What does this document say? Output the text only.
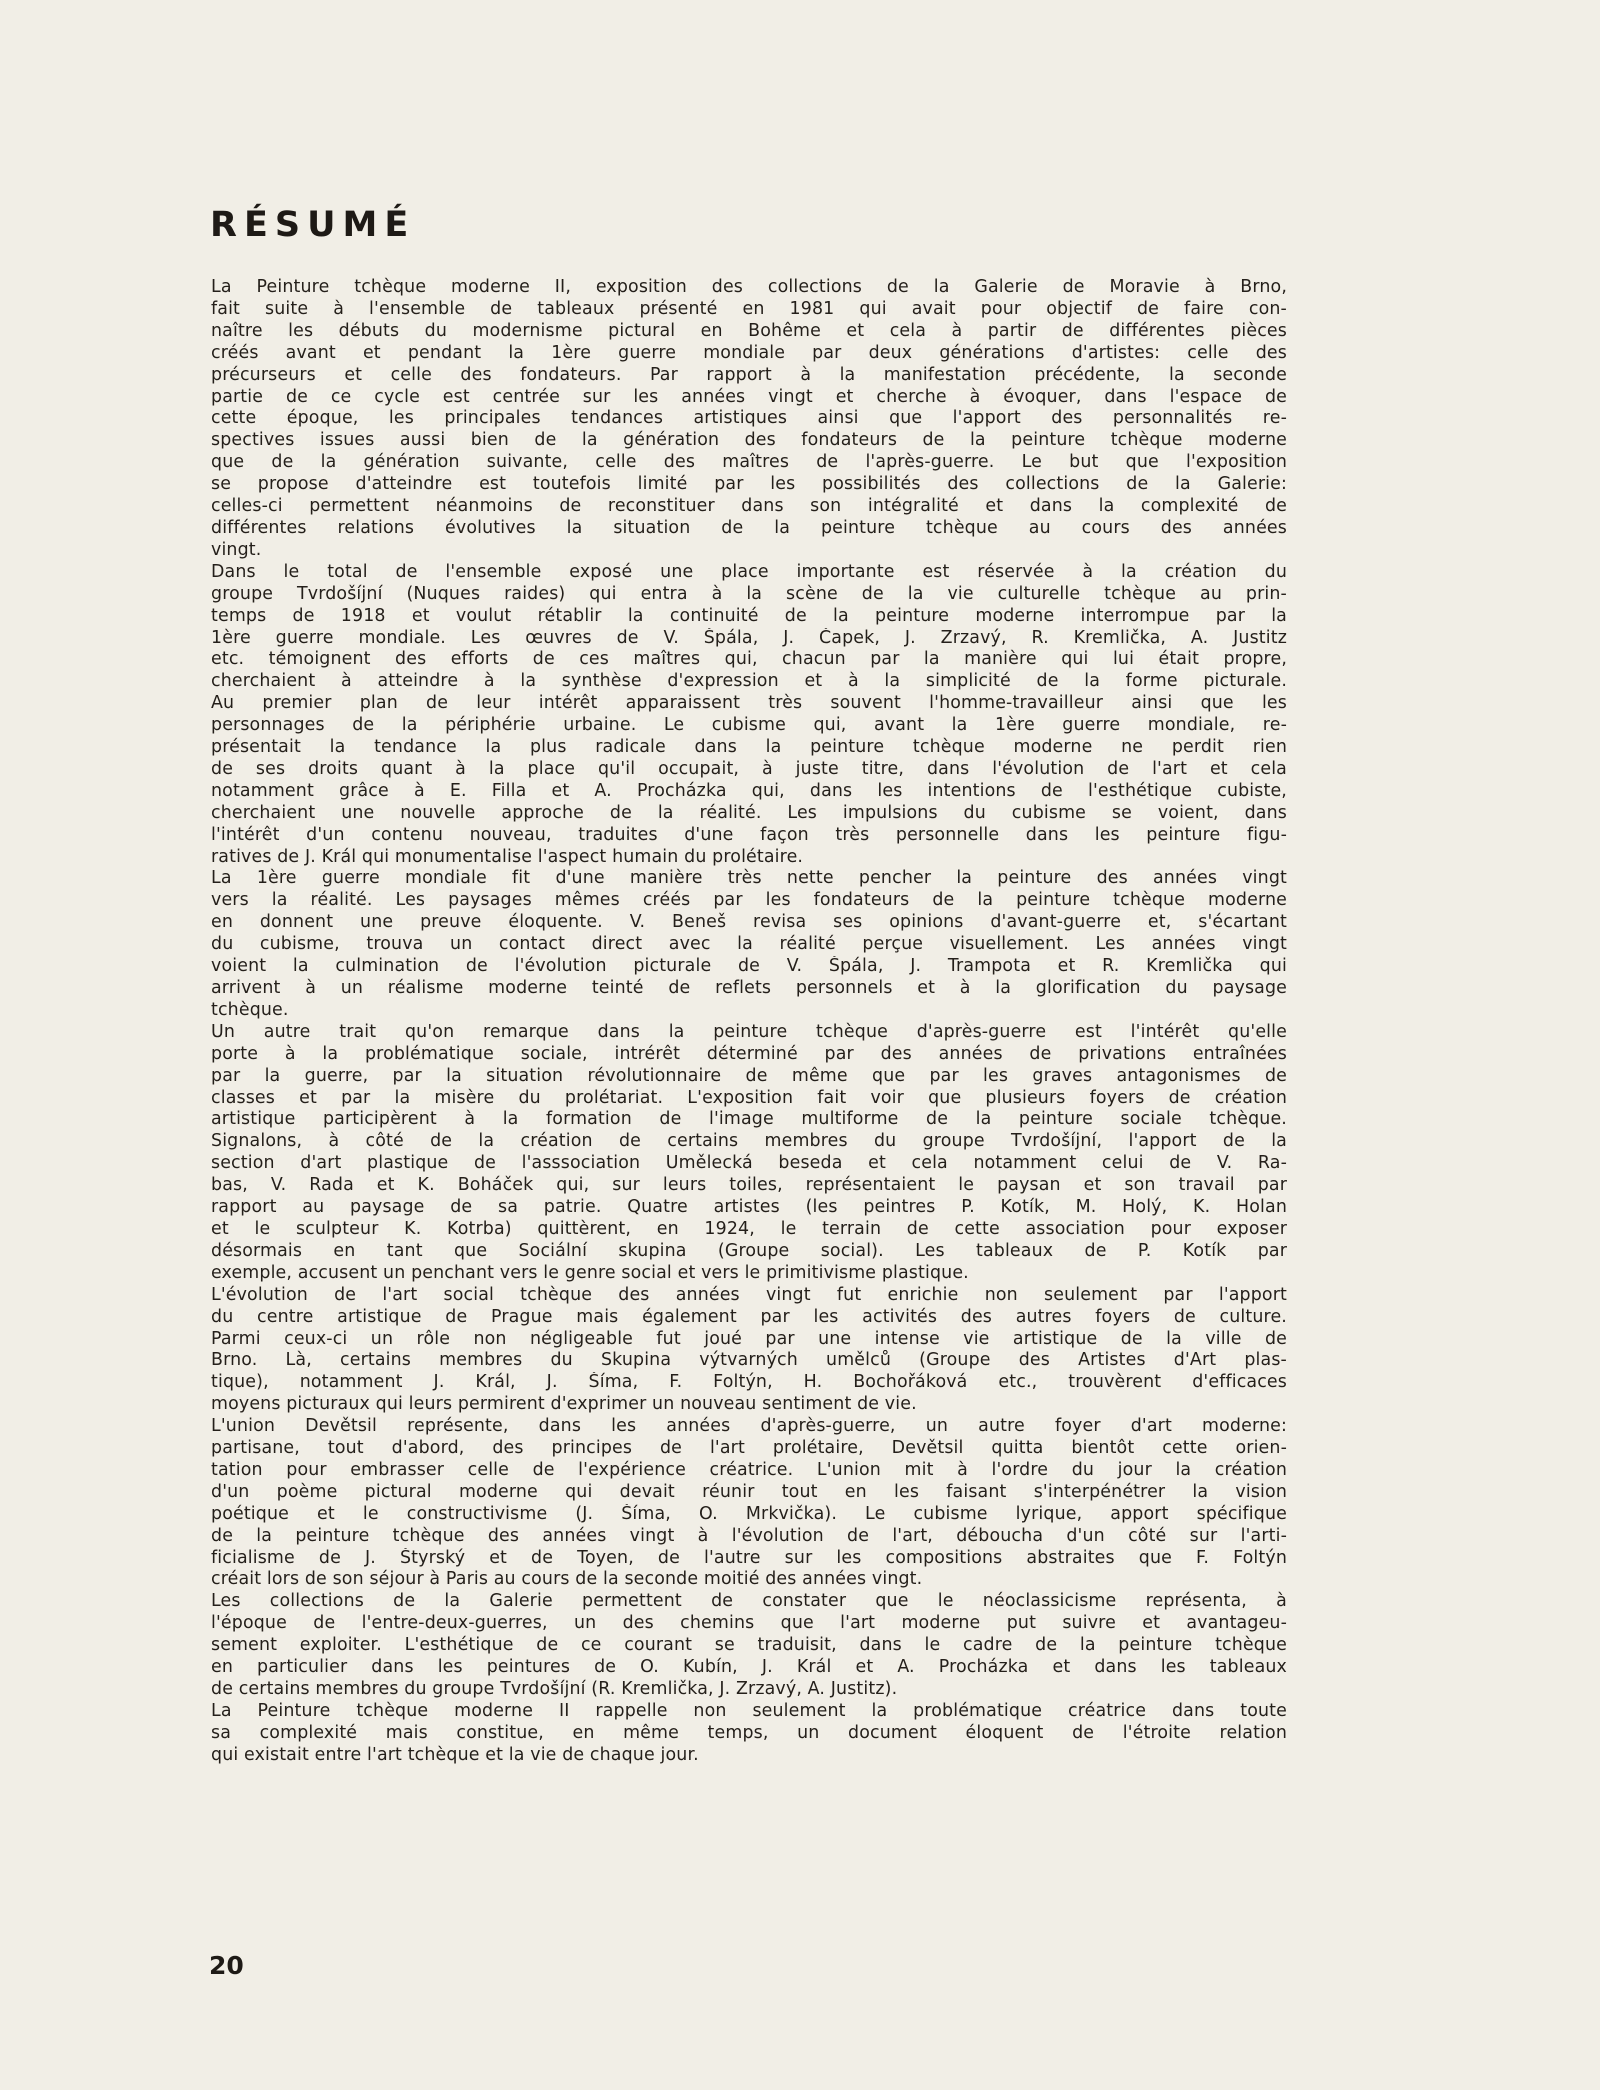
RÉSUMÉ
La Peinture tchèque moderne II, exposition des collections de la Galerie de Moravie à Brno,
fait suite à l'ensemble de tableaux présenté en 1981 qui avait pour objectif de faire con-
naître les débuts du modernisme pictural en Bohême et cela à partir de différentes pièces
créés avant et pendant la 1ère guerre mondiale par deux générations d'artistes: celle des
précurseurs et celle des fondateurs. Par rapport à la manifestation précédente, la seconde
partie de ce cycle est centrée sur les années vingt et cherche à évoquer, dans l'espace de
cette époque, les principales tendances artistiques ainsi que l'apport des personnalités re-
spectives issues aussi bien de la génération des fondateurs de la peinture tchèque moderne
que de la génération suivante, celle des maîtres de l'après-guerre. Le but que l'exposition
se propose d'atteindre est toutefois limité par les possibilités des collections de la Galerie:
celles-ci permettent néanmoins de reconstituer dans son intégralité et dans la complexité de
différentes relations évolutives la situation de la peinture tchèque au cours des années
vingt.
Dans le total de l'ensemble exposé une place importante est réservée à la création du
groupe Tvrdošíjní (Nuques raides) qui entra à la scène de la vie culturelle tchèque au prin-
temps de 1918 et voulut rétablir la continuité de la peinture moderne interrompue par la
1ère guerre mondiale. Les œuvres de V. Špála, J. Čapek, J. Zrzavý, R. Kremlička, A. Justitz
etc. témoignent des efforts de ces maîtres qui, chacun par la manière qui lui était propre,
cherchaient à atteindre à la synthèse d'expression et à la simplicité de la forme picturale.
Au premier plan de leur intérêt apparaissent très souvent l'homme-travailleur ainsi que les
personnages de la périphérie urbaine. Le cubisme qui, avant la 1ère guerre mondiale, re-
présentait la tendance la plus radicale dans la peinture tchèque moderne ne perdit rien
de ses droits quant à la place qu'il occupait, à juste titre, dans l'évolution de l'art et cela
notamment grâce à E. Filla et A. Procházka qui, dans les intentions de l'esthétique cubiste,
cherchaient une nouvelle approche de la réalité. Les impulsions du cubisme se voient, dans
l'intérêt d'un contenu nouveau, traduites d'une façon très personnelle dans les peinture figu-
ratives de J. Král qui monumentalise l'aspect humain du prolétaire.
La 1ère guerre mondiale fit d'une manière très nette pencher la peinture des années vingt
vers la réalité. Les paysages mêmes créés par les fondateurs de la peinture tchèque moderne
en donnent une preuve éloquente. V. Beneš revisa ses opinions d'avant-guerre et, s'écartant
du cubisme, trouva un contact direct avec la réalité perçue visuellement. Les années vingt
voient la culmination de l'évolution picturale de V. Špála, J. Trampota et R. Kremlička qui
arrivent à un réalisme moderne teinté de reflets personnels et à la glorification du paysage
tchèque.
Un autre trait qu'on remarque dans la peinture tchèque d'après-guerre est l'intérêt qu'elle
porte à la problématique sociale, intrérêt déterminé par des années de privations entraînées
par la guerre, par la situation révolutionnaire de même que par les graves antagonismes de
classes et par la misère du prolétariat. L'exposition fait voir que plusieurs foyers de création
artistique participèrent à la formation de l'image multiforme de la peinture sociale tchèque.
Signalons, à côté de la création de certains membres du groupe Tvrdošíjní, l'apport de la
section d'art plastique de l'asssociation Umělecká beseda et cela notamment celui de V. Ra-
bas, V. Rada et K. Boháček qui, sur leurs toiles, représentaient le paysan et son travail par
rapport au paysage de sa patrie. Quatre artistes (les peintres P. Kotík, M. Holý, K. Holan
et le sculpteur K. Kotrba) quittèrent, en 1924, le terrain de cette association pour exposer
désormais en tant que Sociální skupina (Groupe social). Les tableaux de P. Kotík par
exemple, accusent un penchant vers le genre social et vers le primitivisme plastique.
L'évolution de l'art social tchèque des années vingt fut enrichie non seulement par l'apport
du centre artistique de Prague mais également par les activités des autres foyers de culture.
Parmi ceux-ci un rôle non négligeable fut joué par une intense vie artistique de la ville de
Brno. Là, certains membres du Skupina výtvarných umělců (Groupe des Artistes d'Art plas-
tique), notamment J. Král, J. Šíma, F. Foltýn, H. Bochořáková etc., trouvèrent d'efficaces
moyens picturaux qui leurs permirent d'exprimer un nouveau sentiment de vie.
L'union Devětsil représente, dans les années d'après-guerre, un autre foyer d'art moderne:
partisane, tout d'abord, des principes de l'art prolétaire, Devětsil quitta bientôt cette orien-
tation pour embrasser celle de l'expérience créatrice. L'union mit à l'ordre du jour la création
d'un poème pictural moderne qui devait réunir tout en les faisant s'interpénétrer la vision
poétique et le constructivisme (J. Šíma, O. Mrkvička). Le cubisme lyrique, apport spécifique
de la peinture tchèque des années vingt à l'évolution de l'art, déboucha d'un côté sur l'arti-
ficialisme de J. Štyrský et de Toyen, de l'autre sur les compositions abstraites que F. Foltýn
créait lors de son séjour à Paris au cours de la seconde moitié des années vingt.
Les collections de la Galerie permettent de constater que le néoclassicisme représenta, à
l'époque de l'entre-deux-guerres, un des chemins que l'art moderne put suivre et avantageu-
sement exploiter. L'esthétique de ce courant se traduisit, dans le cadre de la peinture tchèque
en particulier dans les peintures de O. Kubín, J. Král et A. Procházka et dans les tableaux
de certains membres du groupe Tvrdošíjní (R. Kremlička, J. Zrzavý, A. Justitz).
La Peinture tchèque moderne II rappelle non seulement la problématique créatrice dans toute
sa complexité mais constitue, en même temps, un document éloquent de l'étroite relation
qui existait entre l'art tchèque et la vie de chaque jour.

20
